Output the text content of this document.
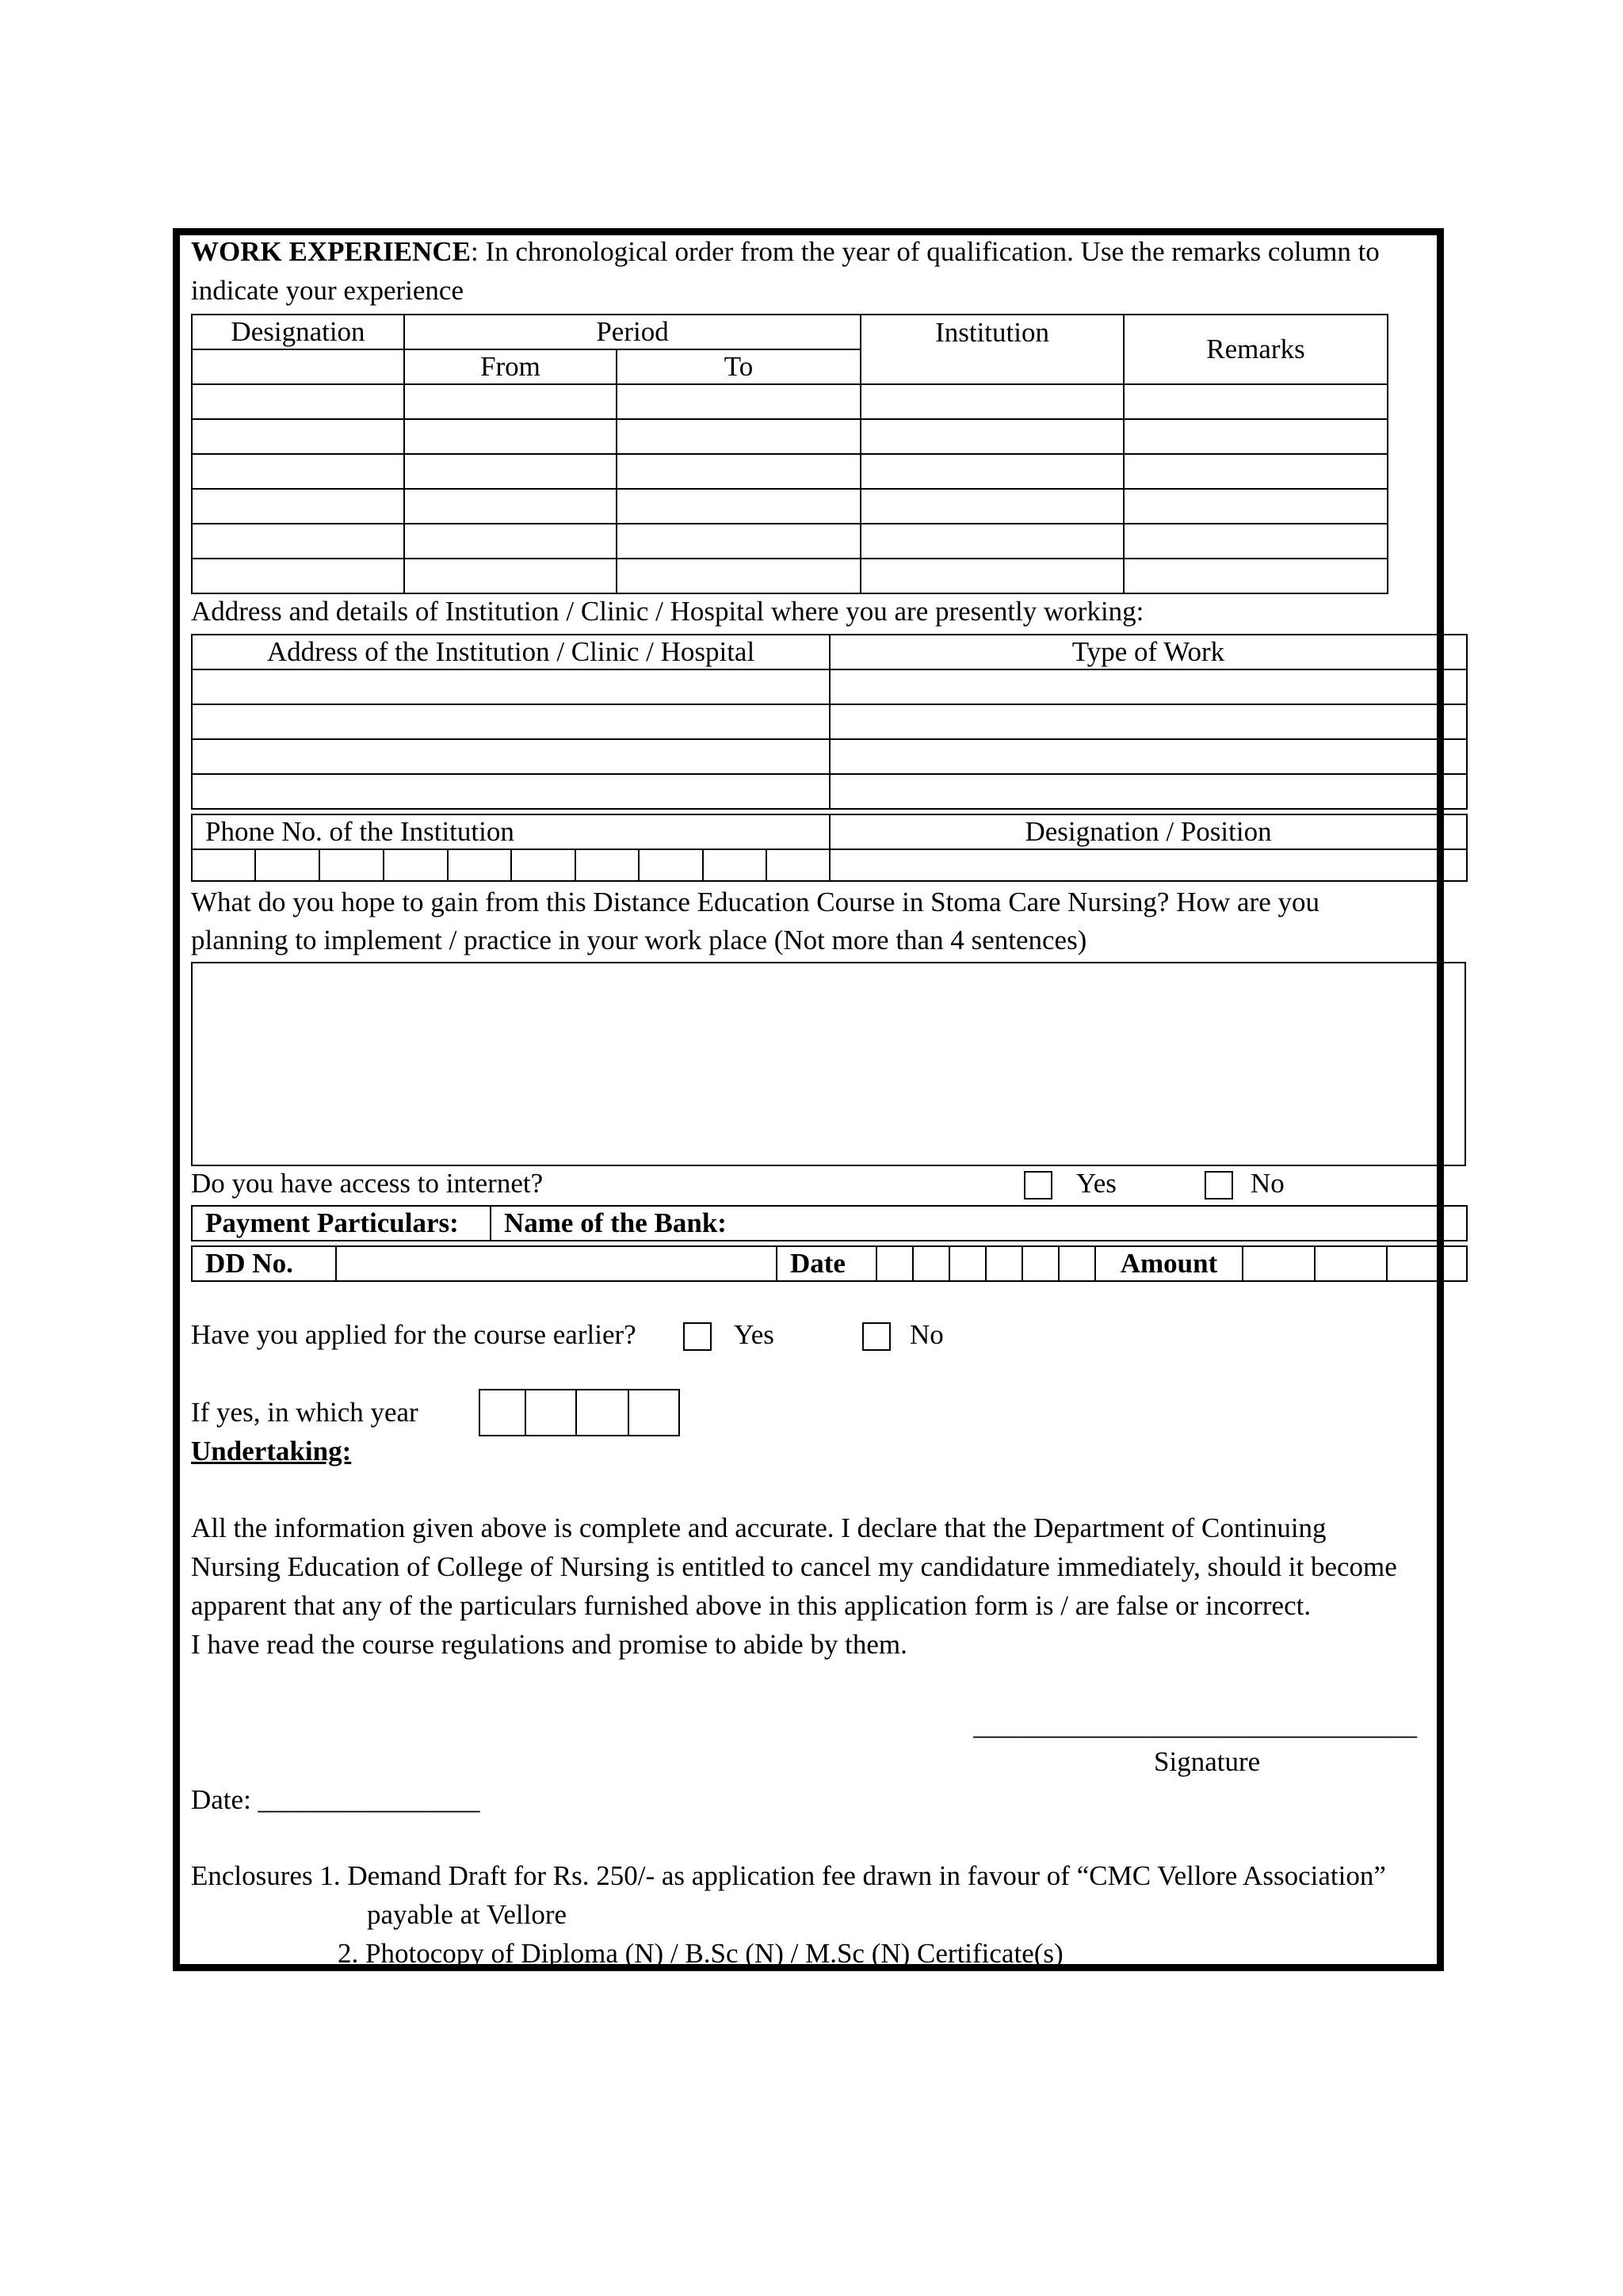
WORK EXPERIENCE: In chronological order from the year of qualification. Use the remarks column to
indicate your experience
Designation	Period		Institution	Remarks
	From	To		

Address and details of Institution / Clinic / Hospital where you are presently working:
Address of the Institution / Clinic / Hospital	Type of Work

Phone No. of the Institution										Designation / Position

What do you hope to gain from this Distance Education Course in Stoma Care Nursing? How are you
planning to implement / practice in your work place (Not more than 4 sentences)
Do you have access to internet?	Yes	No
Payment Particulars:	Name of the Bank:
DD No.		Date							Amount			
Have you applied for the course earlier?	Yes	No
If yes, in which year

Undertaking:
All the information given above is complete and accurate. I declare that the Department of Continuing
Nursing Education of College of Nursing is entitled to cancel my candidature immediately, should it become
apparent that any of the particulars furnished above in this application form is / are false or incorrect.
I have read the course regulations and promise to abide by them.
________________________________
Signature
Date: ________________
Enclosures 1. Demand Draft for Rs. 250/- as application fee drawn in favour of “CMC Vellore Association”
payable at Vellore
2. Photocopy of Diploma (N) / B.Sc (N) / M.Sc (N) Certificate(s)
